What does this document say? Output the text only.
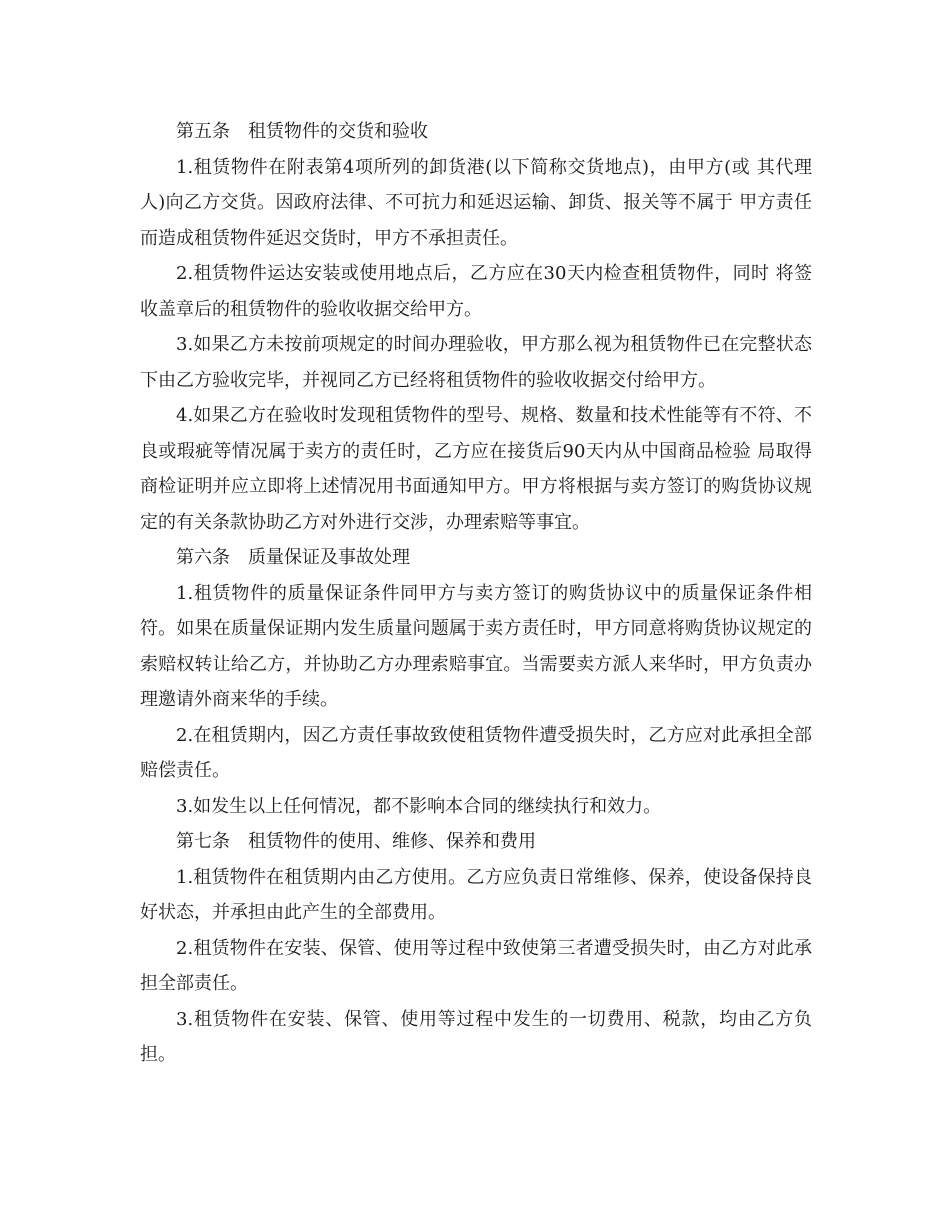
第五条　租赁物件的交货和验收

1.租赁物件在附表第4项所列的卸货港(以下简称交货地点)，由甲方(或 其代理人)向乙方交货。因政府法律、不可抗力和延迟运输、卸货、报关等不属于 甲方责任而造成租赁物件延迟交货时，甲方不承担责任。

2.租赁物件运达安装或使用地点后，乙方应在30天内检查租赁物件，同时 将签收盖章后的租赁物件的验收收据交给甲方。

3.如果乙方未按前项规定的时间办理验收，甲方那么视为租赁物件已在完整状态下由乙方验收完毕，并视同乙方已经将租赁物件的验收收据交付给甲方。

4.如果乙方在验收时发现租赁物件的型号、规格、数量和技术性能等有不符、不良或瑕疵等情况属于卖方的责任时，乙方应在接货后90天内从中国商品检验 局取得商检证明并应立即将上述情况用书面通知甲方。甲方将根据与卖方签订的购货协议规定的有关条款协助乙方对外进行交涉，办理索赔等事宜。

第六条　质量保证及事故处理

1.租赁物件的质量保证条件同甲方与卖方签订的购货协议中的质量保证条件相符。如果在质量保证期内发生质量问题属于卖方责任时，甲方同意将购货协议规定的索赔权转让给乙方，并协助乙方办理索赔事宜。当需要卖方派人来华时，甲方负责办理邀请外商来华的手续。

2.在租赁期内，因乙方责任事故致使租赁物件遭受损失时，乙方应对此承担全部赔偿责任。

3.如发生以上任何情况，都不影响本合同的继续执行和效力。

第七条　租赁物件的使用、维修、保养和费用

1.租赁物件在租赁期内由乙方使用。乙方应负责日常维修、保养，使设备保持良好状态，并承担由此产生的全部费用。

2.租赁物件在安装、保管、使用等过程中致使第三者遭受损失时，由乙方对此承担全部责任。

3.租赁物件在安装、保管、使用等过程中发生的一切费用、税款，均由乙方负担。
